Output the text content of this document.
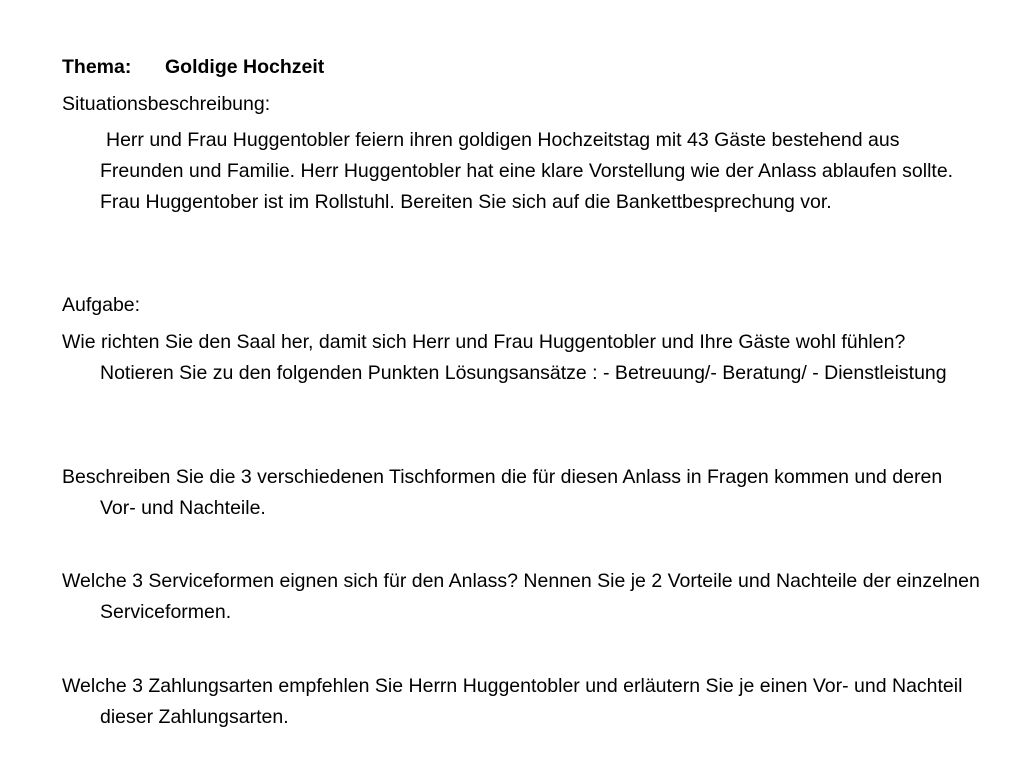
Thema: Goldige Hochzeit
Situationsbeschreibung:
Herr und Frau Huggentobler feiern ihren goldigen Hochzeitstag mit 43 Gäste bestehend aus Freunden und Familie. Herr Huggentobler hat eine klare Vorstellung wie der Anlass ablaufen sollte. Frau Huggentober ist im Rollstuhl. Bereiten Sie sich auf die Bankettbesprechung vor.
Aufgabe:
Wie richten Sie den Saal her, damit sich Herr und Frau Huggentobler und Ihre Gäste wohl fühlen? Notieren Sie zu den folgenden Punkten Lösungsansätze : - Betreuung/- Beratung/ - Dienstleistung
Beschreiben Sie die 3 verschiedenen Tischformen die für diesen Anlass in Fragen kommen und deren Vor- und Nachteile.
Welche 3 Serviceformen eignen sich für den Anlass? Nennen Sie je 2 Vorteile und Nachteile der einzelnen Serviceformen.
Welche 3 Zahlungsarten empfehlen Sie Herrn Huggentobler und erläutern Sie je einen Vor- und Nachteil dieser Zahlungsarten.
